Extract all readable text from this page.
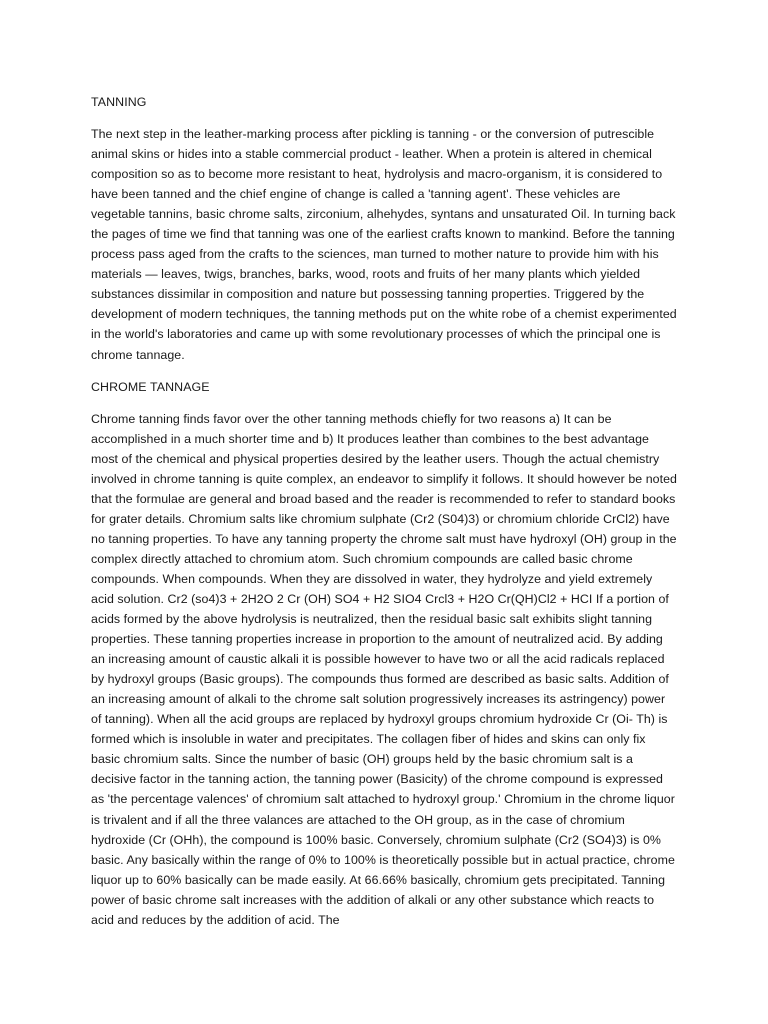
TANNING

The next step in the leather-marking process after pickling is tanning - or the conversion of putrescible animal skins or hides into a stable commercial product - leather. When a protein is altered in chemical composition so as to become more resistant to heat, hydrolysis and macro-organism, it is considered to have been tanned and the chief engine of change is called a 'tanning agent'. These vehicles are vegetable tannins, basic chrome salts, zirconium, alhehydes, syntans and unsaturated Oil. In turning back the pages of time we find that tanning was one of the earliest crafts known to mankind. Before the tanning process pass aged from the crafts to the sciences, man turned to mother nature to provide him with his materials — leaves, twigs, branches, barks, wood, roots and fruits of her many plants which yielded substances dissimilar in composition and nature but possessing tanning properties. Triggered by the development of modern techniques, the tanning methods put on the white robe of a chemist experimented in the world's laboratories and came up with some revolutionary processes of which the principal one is chrome tannage.

CHROME TANNAGE

Chrome tanning finds favor over the other tanning methods chiefly for two reasons a) It can be accomplished in a much shorter time and b) It produces leather than combines to the best advantage most of the chemical and physical properties desired by the leather users. Though the actual chemistry involved in chrome tanning is quite complex, an endeavor to simplify it follows. It should however be noted that the formulae are general and broad based and the reader is recommended to refer to standard books for grater details. Chromium salts like chromium sulphate (Cr2 (S04)3) or chromium chloride CrCl2) have no tanning properties. To have any tanning property the chrome salt must have hydroxyl (OH) group in the complex directly attached to chromium atom. Such chromium compounds are called basic chrome compounds. When compounds. When they are dissolved in water, they hydrolyze and yield extremely acid solution. Cr2 (so4)3 + 2H2O 2 Cr (OH) SO4 + H2 SIO4 Crcl3 + H2O Cr(QH)Cl2 + HCI If a portion of acids formed by the above hydrolysis is neutralized, then the residual basic salt exhibits slight tanning properties. These tanning properties increase in proportion to the amount of neutralized acid. By adding an increasing amount of caustic alkali it is possible however to have two or all the acid radicals replaced by hydroxyl groups (Basic groups). The compounds thus formed are described as basic salts. Addition of an increasing amount of alkali to the chrome salt solution progressively increases its astringency) power of tanning). When all the acid groups are replaced by hydroxyl groups chromium hydroxide Cr (Oi- Th) is formed which is insoluble in water and precipitates. The collagen fiber of hides and skins can only fix basic chromium salts. Since the number of basic (OH) groups held by the basic chromium salt is a decisive factor in the tanning action, the tanning power (Basicity) of the chrome compound is expressed as 'the percentage valences' of chromium salt attached to hydroxyl group.' Chromium in the chrome liquor is trivalent and if all the three valances are attached to the OH group, as in the case of chromium hydroxide (Cr (OHh), the compound is 100% basic. Conversely, chromium sulphate (Cr2 (SO4)3) is 0% basic. Any basically within the range of 0% to 100% is theoretically possible but in actual practice, chrome liquor up to 60% basically can be made easily. At 66.66% basically, chromium gets precipitated. Tanning power of basic chrome salt increases with the addition of alkali or any other substance which reacts to acid and reduces by the addition of acid. The
